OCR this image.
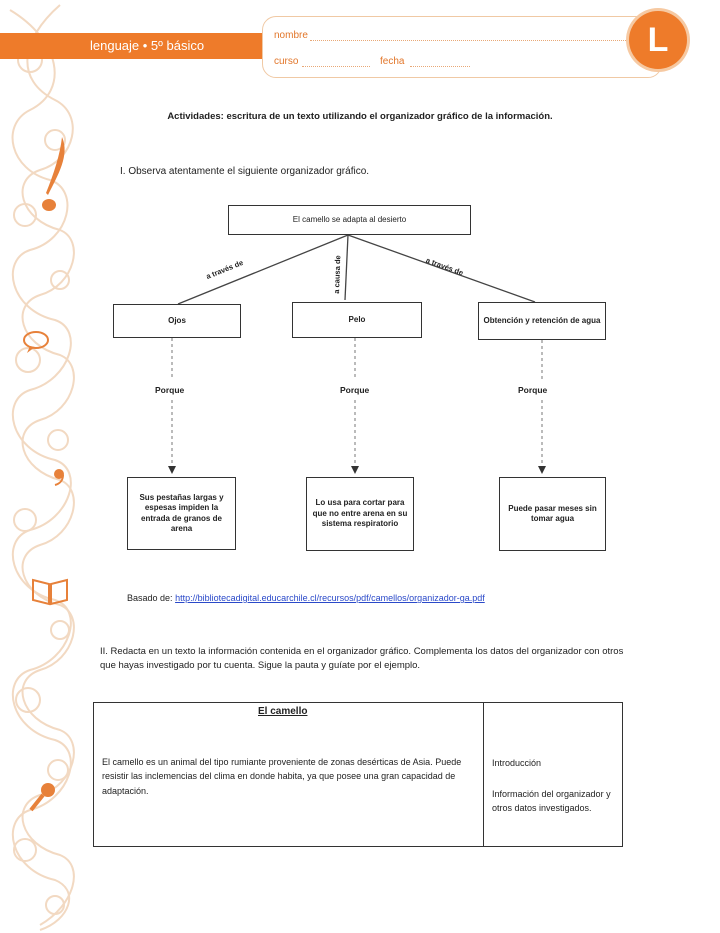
lenguaje • 5º básico
nombre
curso	fecha
L
Actividades: escritura de un texto utilizando el organizador gráfico de la información.
I. Observa atentamente el siguiente organizador gráfico.
El camello se adapta al desierto
a través de	a causa de	a través de
Ojos	Pelo	Obtención y retención de agua
Porque	Porque	Porque
Sus pestañas largas y espesas impiden la entrada de granos de arena
Lo usa para cortar para que no entre arena en su sistema respiratorio
Puede pasar meses sin tomar agua
Basado de: http://bibliotecadigital.educarchile.cl/recursos/pdf/camellos/organizador-ga.pdf
II. Redacta en un texto la información contenida en el organizador gráfico. Complementa los datos del organizador con otros que hayas investigado por tu cuenta. Sigue la pauta y guíate por el ejemplo.
El camello
El camello es un animal del tipo rumiante proveniente de zonas desérticas de Asia. Puede resistir las inclemencias del clima en donde habita, ya que posee una gran capacidad de adaptación.
Introducción
Información del organizador y otros datos investigados.
